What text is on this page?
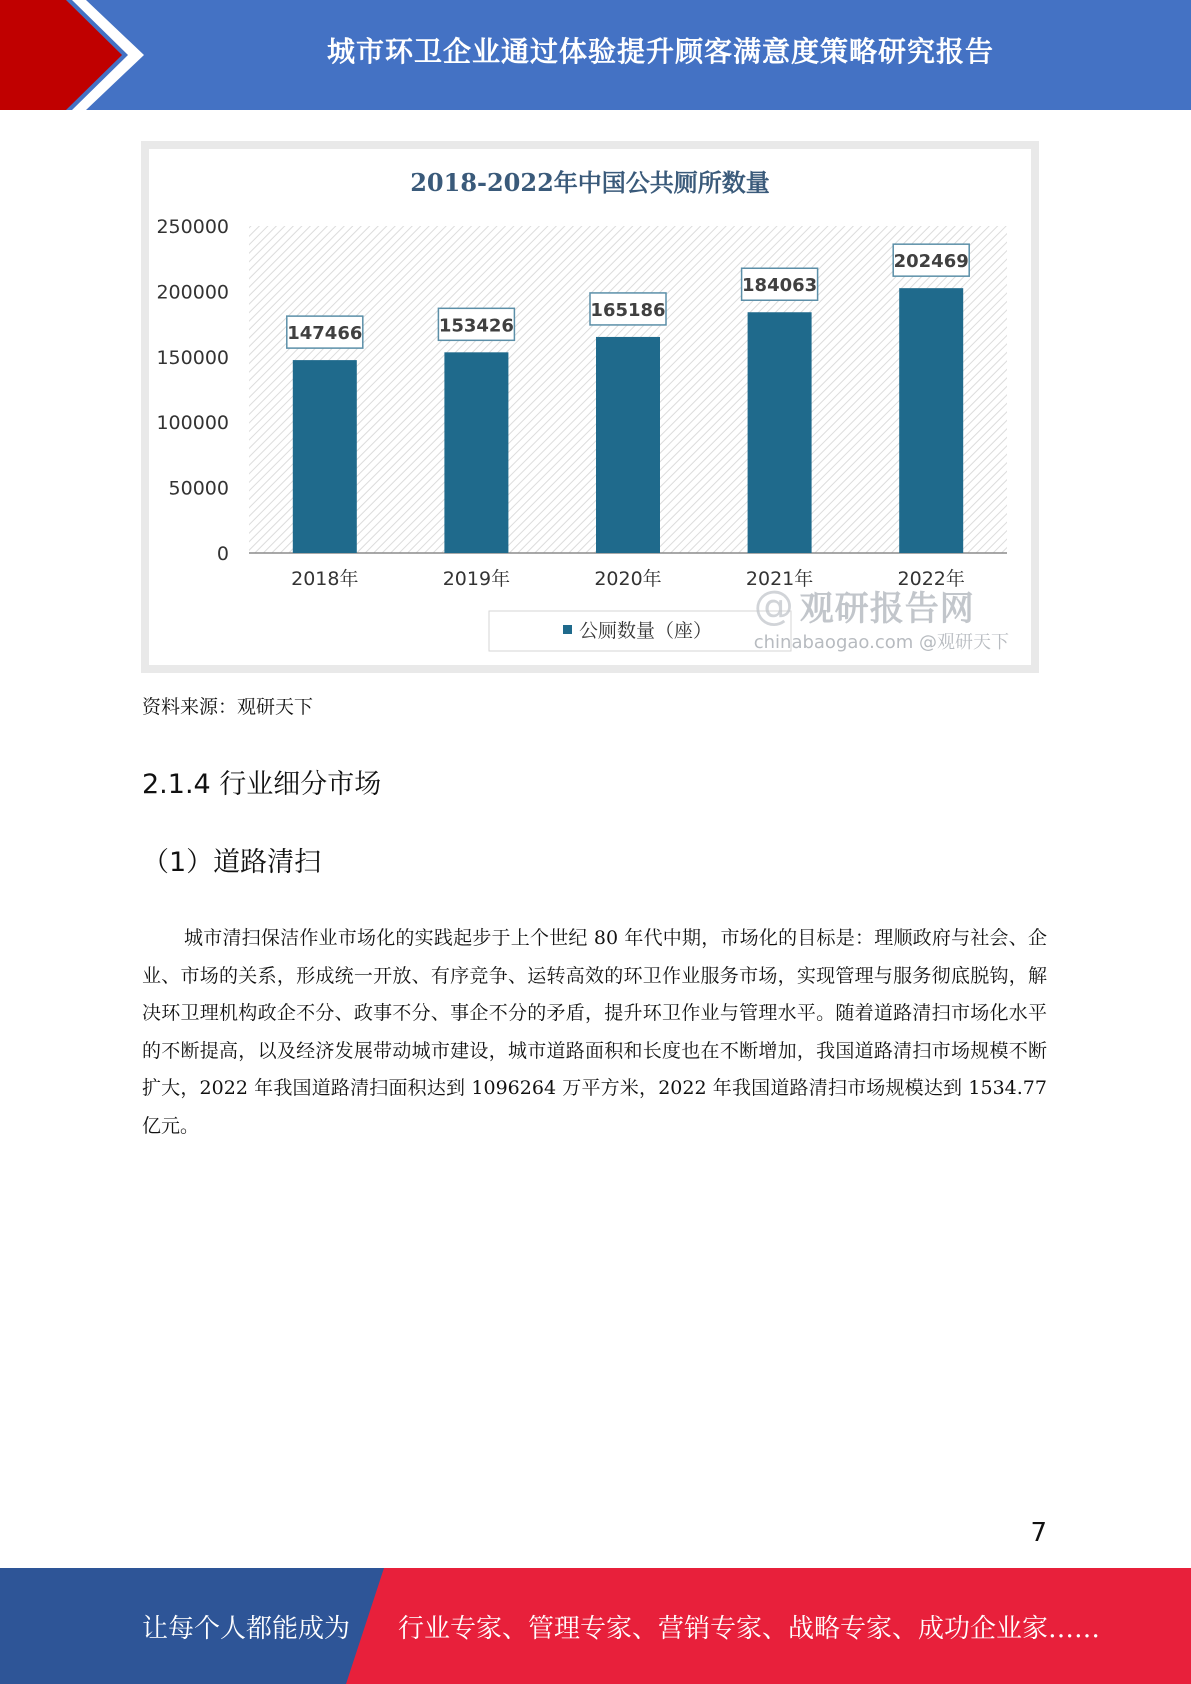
城市环卫企业通过体验提升顾客满意度策略研究报告
2018-2022年中国公共厕所数量
0
50000
100000
150000
200000
250000
2018年	2019年	2020年	2021年	2022年
147466	153426
165186
184063
202469
公厕数量（座）
@ 观研报告网
chinabaogao.com @观研天下
资料来源：观研天下
2.1.4 行业细分市场
（1）道路清扫

城市清扫保洁作业市场化的实践起步于上个世纪 80 年代中期，市场化的目标是：理顺政府与社会、企业、市场的关系，形成统一开放、有序竞争、运转高效的环卫作业服务市场，实现管理与服务彻底脱钩，解决环卫理机构政企不分、政事不分、事企不分的矛盾，提升环卫作业与管理水平。随着道路清扫市场化水平的不断提高，以及经济发展带动城市建设，城市道路面积和长度也在不断增加，我国道路清扫市场规模不断扩大，2022 年我国道路清扫面积达到 1096264 万平方米，2022 年我国道路清扫市场规模达到 1534.77 亿元。

7
让每个人都能成为 行业专家、管理专家、营销专家、战略专家、成功企业家……
